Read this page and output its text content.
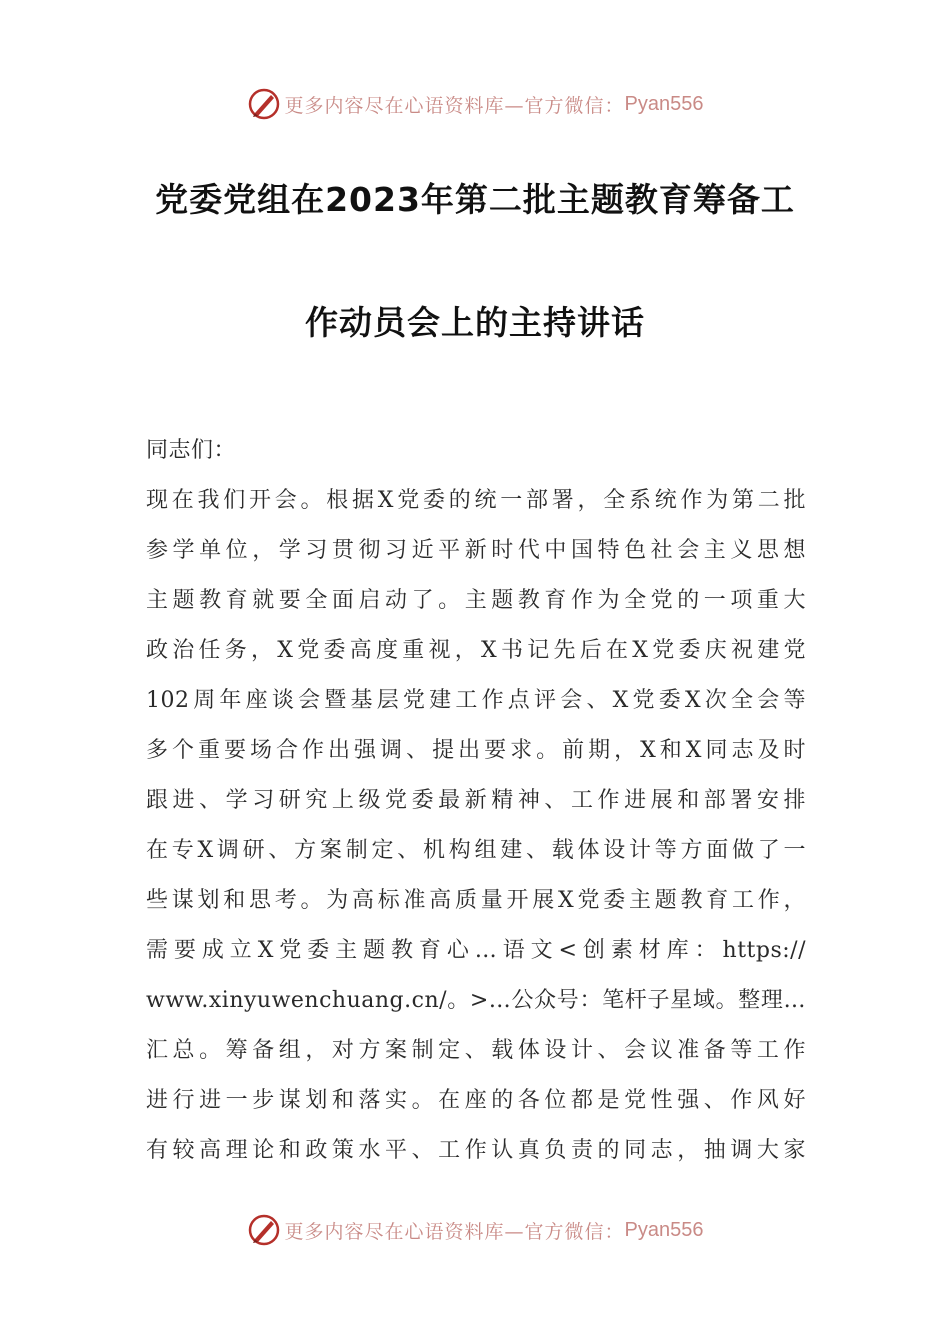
更多内容尽在心语资料库—官方微信： Pyan556
党委党组在2023年第二批主题教育筹备工
作动员会上的主持讲话
同志们：
现在我们开会。根据X党委的统一部署，全系统作为第二批
参学单位，学习贯彻习近平新时代中国特色社会主义思想
主题教育就要全面启动了。主题教育作为全党的一项重大
政治任务，X党委高度重视，X书记先后在X党委庆祝建党
102周年座谈会暨基层党建工作点评会、X党委X次全会等
多个重要场合作出强调、提出要求。前期，X和X同志及时
跟进、学习研究上级党委最新精神、工作进展和部署安排
在专X调研、方案制定、机构组建、载体设计等方面做了一
些谋划和思考。为高标准高质量开展X党委主题教育工作，
需要成立X党委主题教育心…语文<创素材库：https://
www.xinyuwenchuang.cn/。>…公众号：笔杆子星域。整理…
汇总。筹备组，对方案制定、载体设计、会议准备等工作
进行进一步谋划和落实。在座的各位都是党性强、作风好
有较高理论和政策水平、工作认真负责的同志，抽调大家
更多内容尽在心语资料库—官方微信： Pyan556
